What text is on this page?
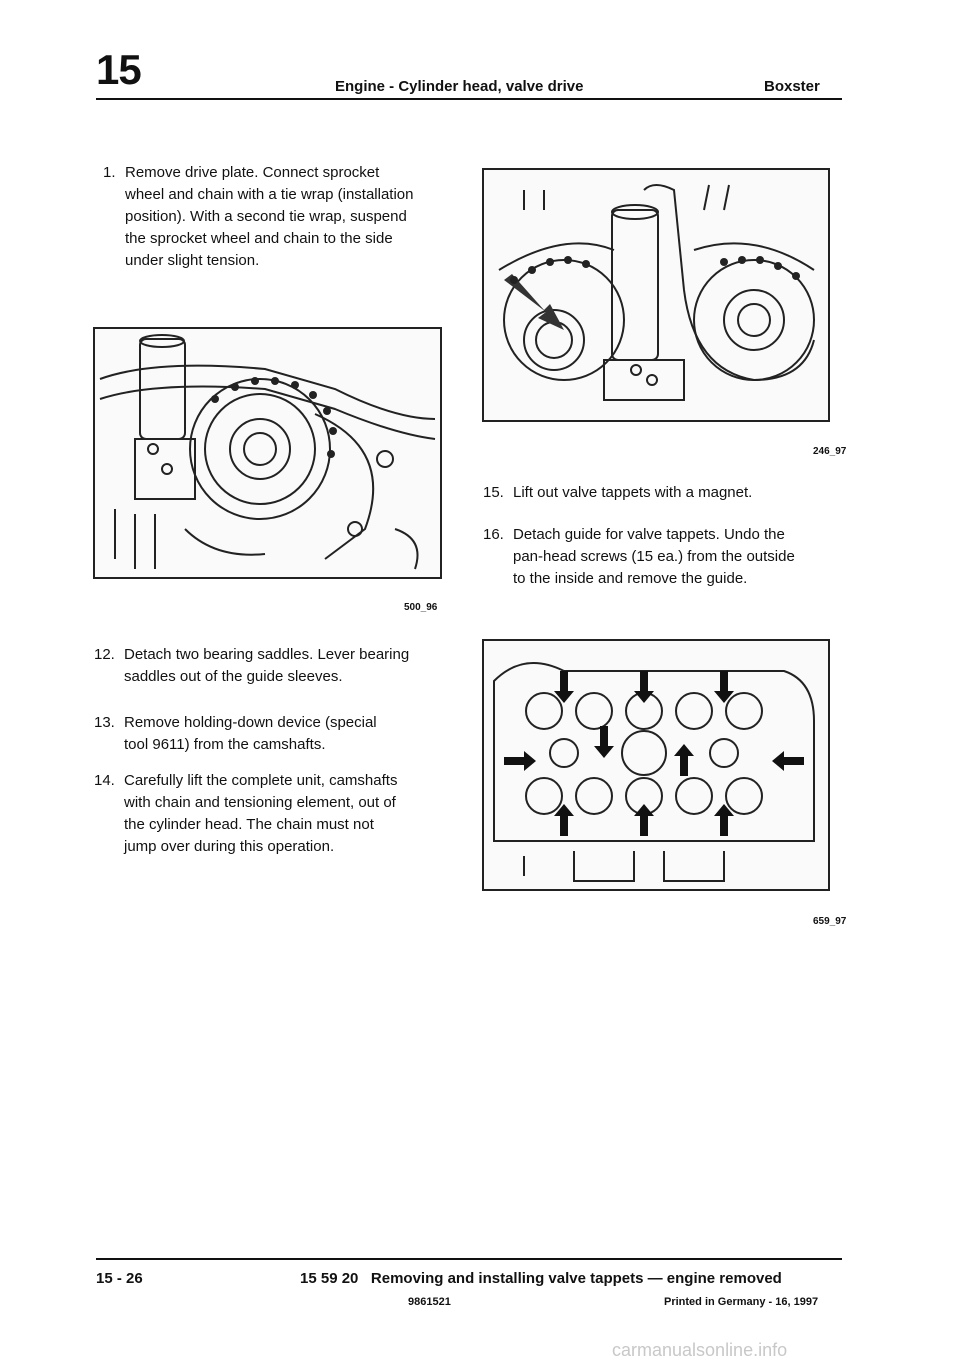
15	Engine - Cylinder head, valve drive	Boxster
1. Remove drive plate. Connect sprocket
wheel and chain with a tie wrap (installation
position). With a second tie wrap, suspend
the sprocket wheel and chain to the side
under slight tension.
500_96
12. Detach two bearing saddles. Lever bearing
saddles out of the guide sleeves.
13. Remove holding-down device (special
tool 9611) from the camshafts.
14. Carefully lift the complete unit, camshafts
with chain and tensioning element, out of
the cylinder head. The chain must not
jump over during this operation.
246_97
15. Lift out valve tappets with a magnet.
16. Detach guide for valve tappets. Undo the
pan-head screws (15 ea.) from the outside
to the inside and remove the guide.
659_97
15 - 26	15 59 20   Removing and installing valve tappets — engine removed
9861521	Printed in Germany - 16, 1997
carmanualsonline.info
